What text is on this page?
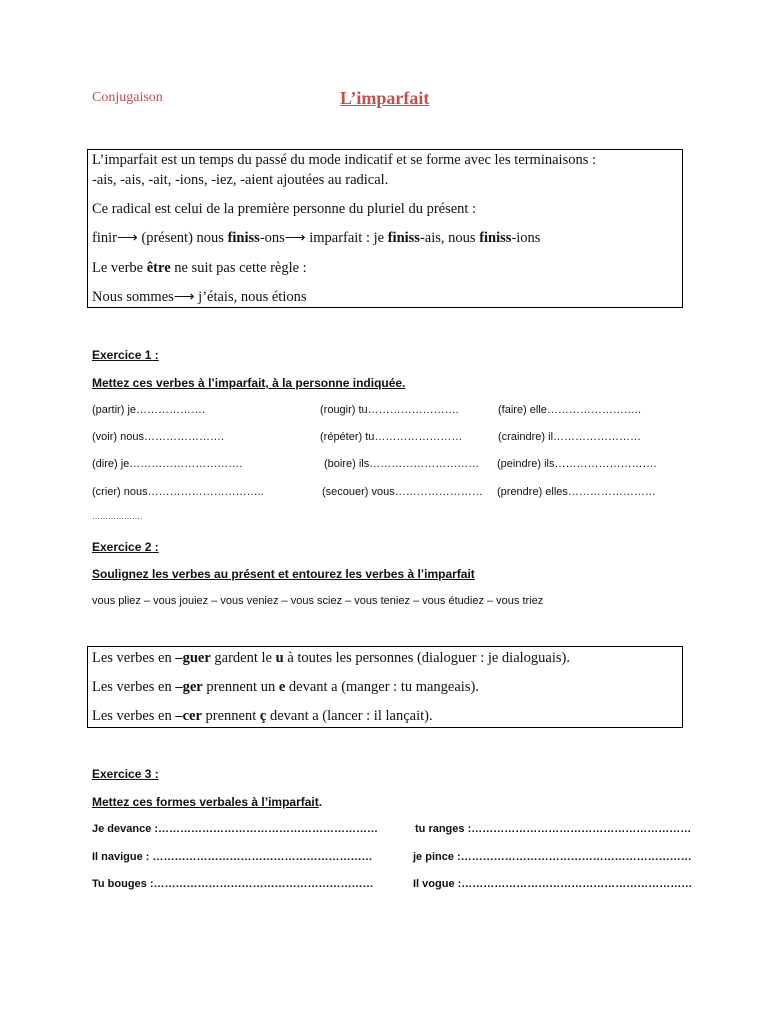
Conjugaison	L’imparfait
L’imparfait est un temps du passé du mode indicatif et se forme avec les terminaisons :
-ais, -ais, -ait, -ions, -iez, -aient ajoutées au radical.
Ce radical est celui de la première personne du pluriel du présent :
finir⟶ (présent) nous finiss-ons⟶ imparfait : je finiss-ais, nous finiss-ions
Le verbe être ne suit pas cette règle :
Nous sommes⟶ j’étais, nous étions
Exercice 1 :
Mettez ces verbes à l’imparfait, à la personne indiquée.
(partir) je……………….	(rougir) tu…………………….	(faire) elle……………………..
(voir) nous………………….	(répéter) tu……………………	(craindre) il……………………
(dire) je………………………….	(boire) ils………………………… (peindre) ils……………………….
(crier) nous…………………………..	(secouer) vous…………………… (prendre) elles……………………
……………….
Exercice 2 :
Soulignez les verbes au présent et entourez les verbes à l’imparfait
vous pliez – vous jouiez – vous veniez – vous sciez – vous teniez – vous étudiez – vous triez
Les verbes en –guer gardent le u à toutes les personnes (dialoguer : je dialoguais).
Les verbes en –ger prennent un e devant a (manger : tu mangeais).
Les verbes en –cer prennent ç devant a (lancer : il lançait).
Exercice 3 :
Mettez ces formes verbales à l’imparfait.
Je devance :……………………………………………………	tu ranges :……………………………………………………
Il navigue : ……………………………………………………	je pince :………………………………………………………
Tu bouges :……………………………………………………	Il vogue :………………………………………………………
